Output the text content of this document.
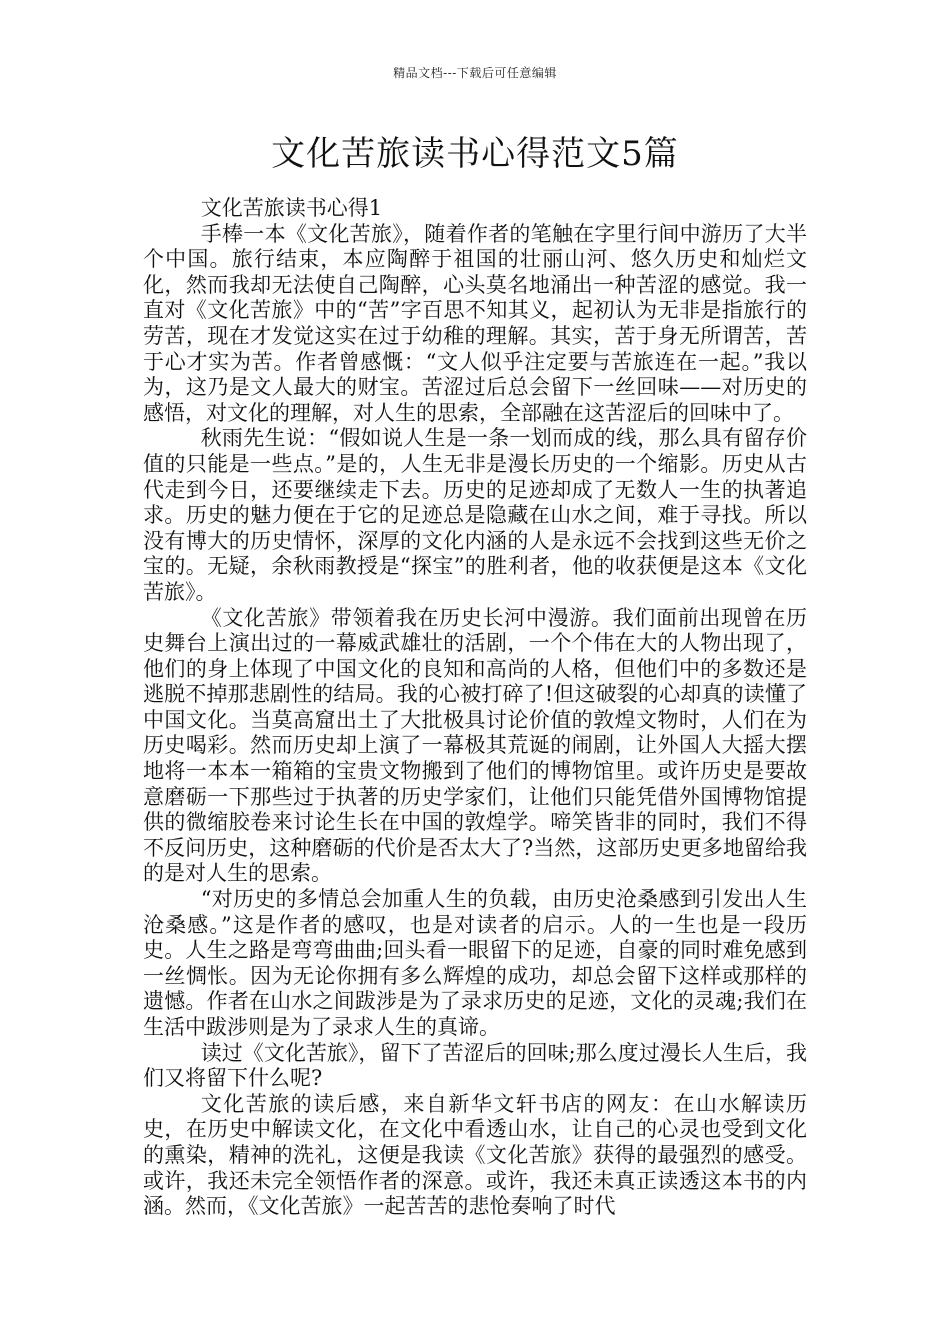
精品文档---下载后可任意编辑
文化苦旅读书心得范文5篇

文化苦旅读书心得1

手棒一本《文化苦旅》，随着作者的笔触在字里行间中游历了大半个中国。旅行结束，本应陶醉于祖国的壮丽山河、悠久历史和灿烂文化，然而我却无法使自己陶醉，心头莫名地涌出一种苦涩的感觉。我一直对《文化苦旅》中的“苦”字百思不知其义，起初认为无非是指旅行的劳苦，现在才发觉这实在过于幼稚的理解。其实，苦于身无所谓苦，苦于心才实为苦。作者曾感慨：“文人似乎注定要与苦旅连在一起。”我以为，这乃是文人最大的财宝。苦涩过后总会留下一丝回味——对历史的感悟，对文化的理解，对人生的思索，全部融在这苦涩后的回味中了。

秋雨先生说：“假如说人生是一条一划而成的线，那么具有留存价值的只能是一些点。”是的，人生无非是漫长历史的一个缩影。历史从古代走到今日，还要继续走下去。历史的足迹却成了无数人一生的执著追求。历史的魅力便在于它的足迹总是隐藏在山水之间，难于寻找。所以没有博大的历史情怀，深厚的文化内涵的人是永远不会找到这些无价之宝的。无疑，余秋雨教授是“探宝”的胜利者，他的收获便是这本《文化苦旅》。

《文化苦旅》带领着我在历史长河中漫游。我们面前出现曾在历史舞台上演出过的一幕威武雄壮的活剧，一个个伟在大的人物出现了，他们的身上体现了中国文化的良知和高尚的人格，但他们中的多数还是逃脱不掉那悲剧性的结局。我的心被打碎了!但这破裂的心却真的读懂了中国文化。当莫高窟出土了大批极具讨论价值的敦煌文物时，人们在为历史喝彩。然而历史却上演了一幕极其荒诞的闹剧，让外国人大摇大摆地将一本本一箱箱的宝贵文物搬到了他们的博物馆里。或许历史是要故意磨砺一下那些过于执著的历史学家们，让他们只能凭借外国博物馆提供的微缩胶卷来讨论生长在中国的敦煌学。啼笑皆非的同时，我们不得不反问历史，这种磨砺的代价是否太大了?当然，这部历史更多地留给我的是对人生的思索。

“对历史的多情总会加重人生的负载，由历史沧桑感到引发出人生沧桑感。”这是作者的感叹，也是对读者的启示。人的一生也是一段历史。人生之路是弯弯曲曲;回头看一眼留下的足迹，自豪的同时难免感到一丝惆怅。因为无论你拥有多么辉煌的成功，却总会留下这样或那样的遗憾。作者在山水之间跋涉是为了录求历史的足迹，文化的灵魂;我们在生活中跋涉则是为了录求人生的真谛。

读过《文化苦旅》，留下了苦涩后的回味;那么度过漫长人生后，我们又将留下什么呢?

文化苦旅的读后感，来自新华文轩书店的网友：在山水解读历史，在历史中解读文化，在文化中看透山水，让自己的心灵也受到文化的熏染，精神的洗礼，这便是我读《文化苦旅》获得的最强烈的感受。或许，我还未完全领悟作者的深意。或许，我还未真正读透这本书的内涵。然而，《文化苦旅》一起苦苦的悲怆奏响了时代
